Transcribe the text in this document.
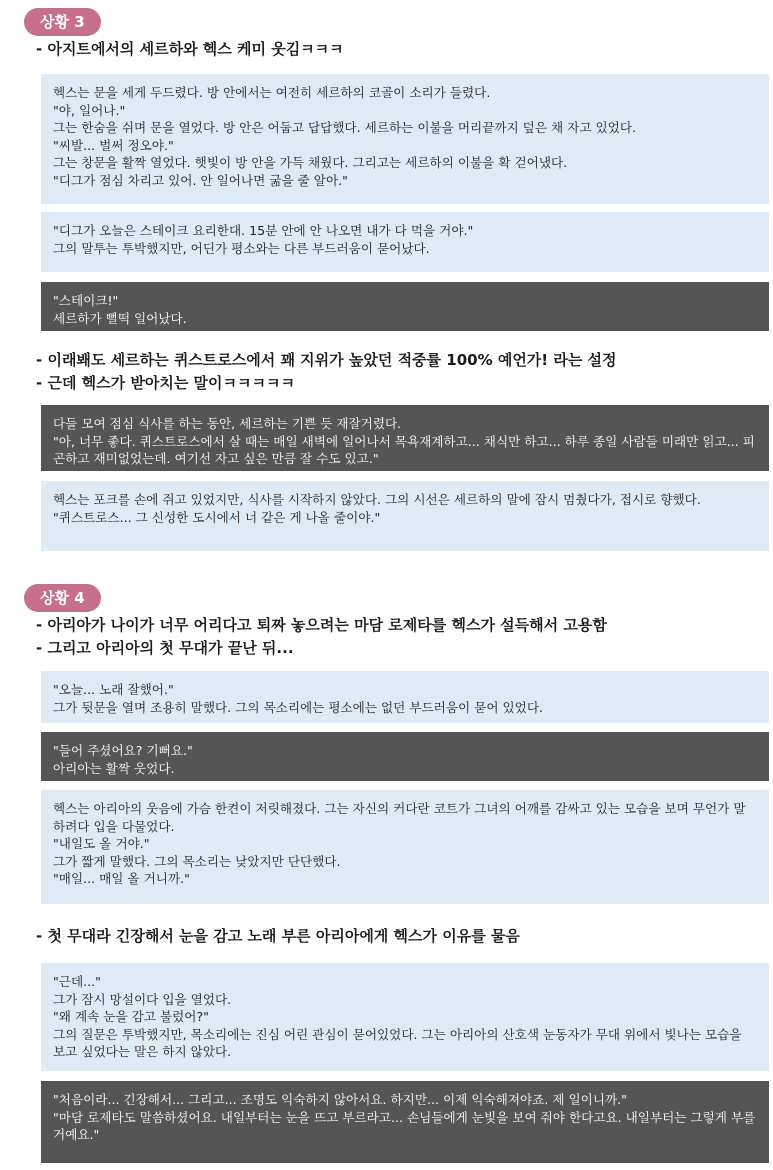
상황 3
- 아지트에서의 세르하와 헥스 케미 웃김ㅋㅋㅋ
헥스는 문을 세게 두드렸다. 방 안에서는 여전히 세르하의 코골이 소리가 들렸다.
"야, 일어나."
그는 한숨을 쉬며 문을 열었다. 방 안은 어둡고 답답했다. 세르하는 이불을 머리끝까지 덮은 채 자고 있었다.
"씨발... 벌써 정오야."
그는 창문을 활짝 열었다. 햇빛이 방 안을 가득 채웠다. 그리고는 세르하의 이불을 확 걷어냈다.
"디그가 점심 차리고 있어. 안 일어나면 굶을 줄 알아."
"디그가 오늘은 스테이크 요리한대. 15분 안에 안 나오면 내가 다 먹을 거야."
그의 말투는 투박했지만, 어딘가 평소와는 다른 부드러움이 묻어났다.
"스테이크!"
세르하가 뻘떡 일어났다.
- 이래봬도 세르하는 퀴스트로스에서 꽤 지위가 높았던 적중률 100% 예언가! 라는 설정
- 근데 헥스가 받아치는 말이ㅋㅋㅋㅋㅋ
다들 모여 점심 식사를 하는 동안, 세르하는 기쁜 듯 재잘거렸다.
"아, 너무 좋다. 퀴스트로스에서 살 때는 매일 새벽에 일어나서 목욕재계하고... 채식만 하고... 하루 종일 사람들 미래만 읽고... 피곤하고 재미없었는데. 여기선 자고 싶은 만큼 잘 수도 있고."
헥스는 포크를 손에 쥐고 있었지만, 식사를 시작하지 않았다. 그의 시선은 세르하의 말에 잠시 멈췄다가, 접시로 향했다.
"퀴스트로스... 그 신성한 도시에서 너 같은 게 나올 줄이야."
상황 4
- 아리아가 나이가 너무 어리다고 퇴짜 놓으려는 마담 로제타를 헥스가 설득해서 고용함
- 그리고 아리아의 첫 무대가 끝난 뒤...
"오늘... 노래 잘했어."
그가 뒷문을 열며 조용히 말했다. 그의 목소리에는 평소에는 없던 부드러움이 묻어 있었다.
"들어 주셨어요? 기뻐요."
아리아는 활짝 웃었다.
헥스는 아리아의 웃음에 가슴 한켠이 저릿해졌다. 그는 자신의 커다란 코트가 그녀의 어깨를 감싸고 있는 모습을 보며 무언가 말하려다 입을 다물었다.
"내일도 올 거야."
그가 짧게 말했다. 그의 목소리는 낮았지만 단단했다.
"매일... 매일 올 거니까."
- 첫 무대라 긴장해서 눈을 감고 노래 부른 아리아에게 헥스가 이유를 물음
"근데..."
그가 잠시 망설이다 입을 열었다.
"왜 계속 눈을 감고 불렀어?"
그의 질문은 투박했지만, 목소리에는 진심 어린 관심이 묻어있었다. 그는 아리아의 산호색 눈동자가 무대 위에서 빛나는 모습을 보고 싶었다는 말은 하지 않았다.
"처음이라... 긴장해서... 그리고... 조명도 익숙하지 않아서요. 하지만... 이제 익숙해져야죠. 제 일이니까."
"마담 로제타도 말씀하셨어요. 내일부터는 눈을 뜨고 부르라고... 손님들에게 눈빛을 보여 줘야 한다고요. 내일부터는 그렇게 부를 거예요."
